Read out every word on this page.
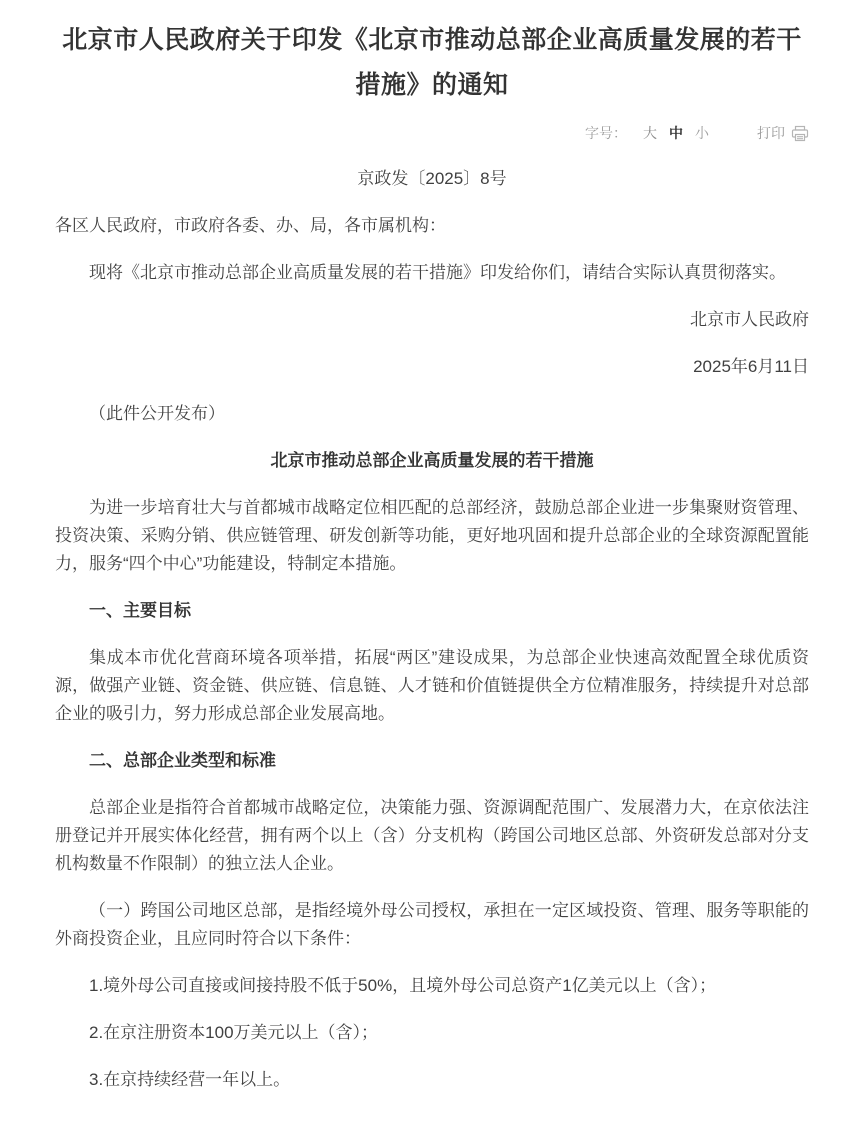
北京市人民政府关于印发《北京市推动总部企业高质量发展的若干措施》的通知
字号： 大 中 小	打印

京政发〔2025〕8号

各区人民政府，市政府各委、办、局，各市属机构：

现将《北京市推动总部企业高质量发展的若干措施》印发给你们，请结合实际认真贯彻落实。

北京市人民政府

2025年6月11日

（此件公开发布）

北京市推动总部企业高质量发展的若干措施

为进一步培育壮大与首都城市战略定位相匹配的总部经济，鼓励总部企业进一步集聚财资管理、投资决策、采购分销、供应链管理、研发创新等功能，更好地巩固和提升总部企业的全球资源配置能力，服务“四个中心”功能建设，特制定本措施。

一、主要目标

集成本市优化营商环境各项举措，拓展“两区”建设成果，为总部企业快速高效配置全球优质资源，做强产业链、资金链、供应链、信息链、人才链和价值链提供全方位精准服务，持续提升对总部企业的吸引力，努力形成总部企业发展高地。

二、总部企业类型和标准

总部企业是指符合首都城市战略定位，决策能力强、资源调配范围广、发展潜力大，在京依法注册登记并开展实体化经营，拥有两个以上（含）分支机构（跨国公司地区总部、外资研发总部对分支机构数量不作限制）的独立法人企业。

（一）跨国公司地区总部，是指经境外母公司授权，承担在一定区域投资、管理、服务等职能的外商投资企业，且应同时符合以下条件：

1.境外母公司直接或间接持股不低于50%，且境外母公司总资产1亿美元以上（含）；

2.在京注册资本100万美元以上（含）；

3.在京持续经营一年以上。
